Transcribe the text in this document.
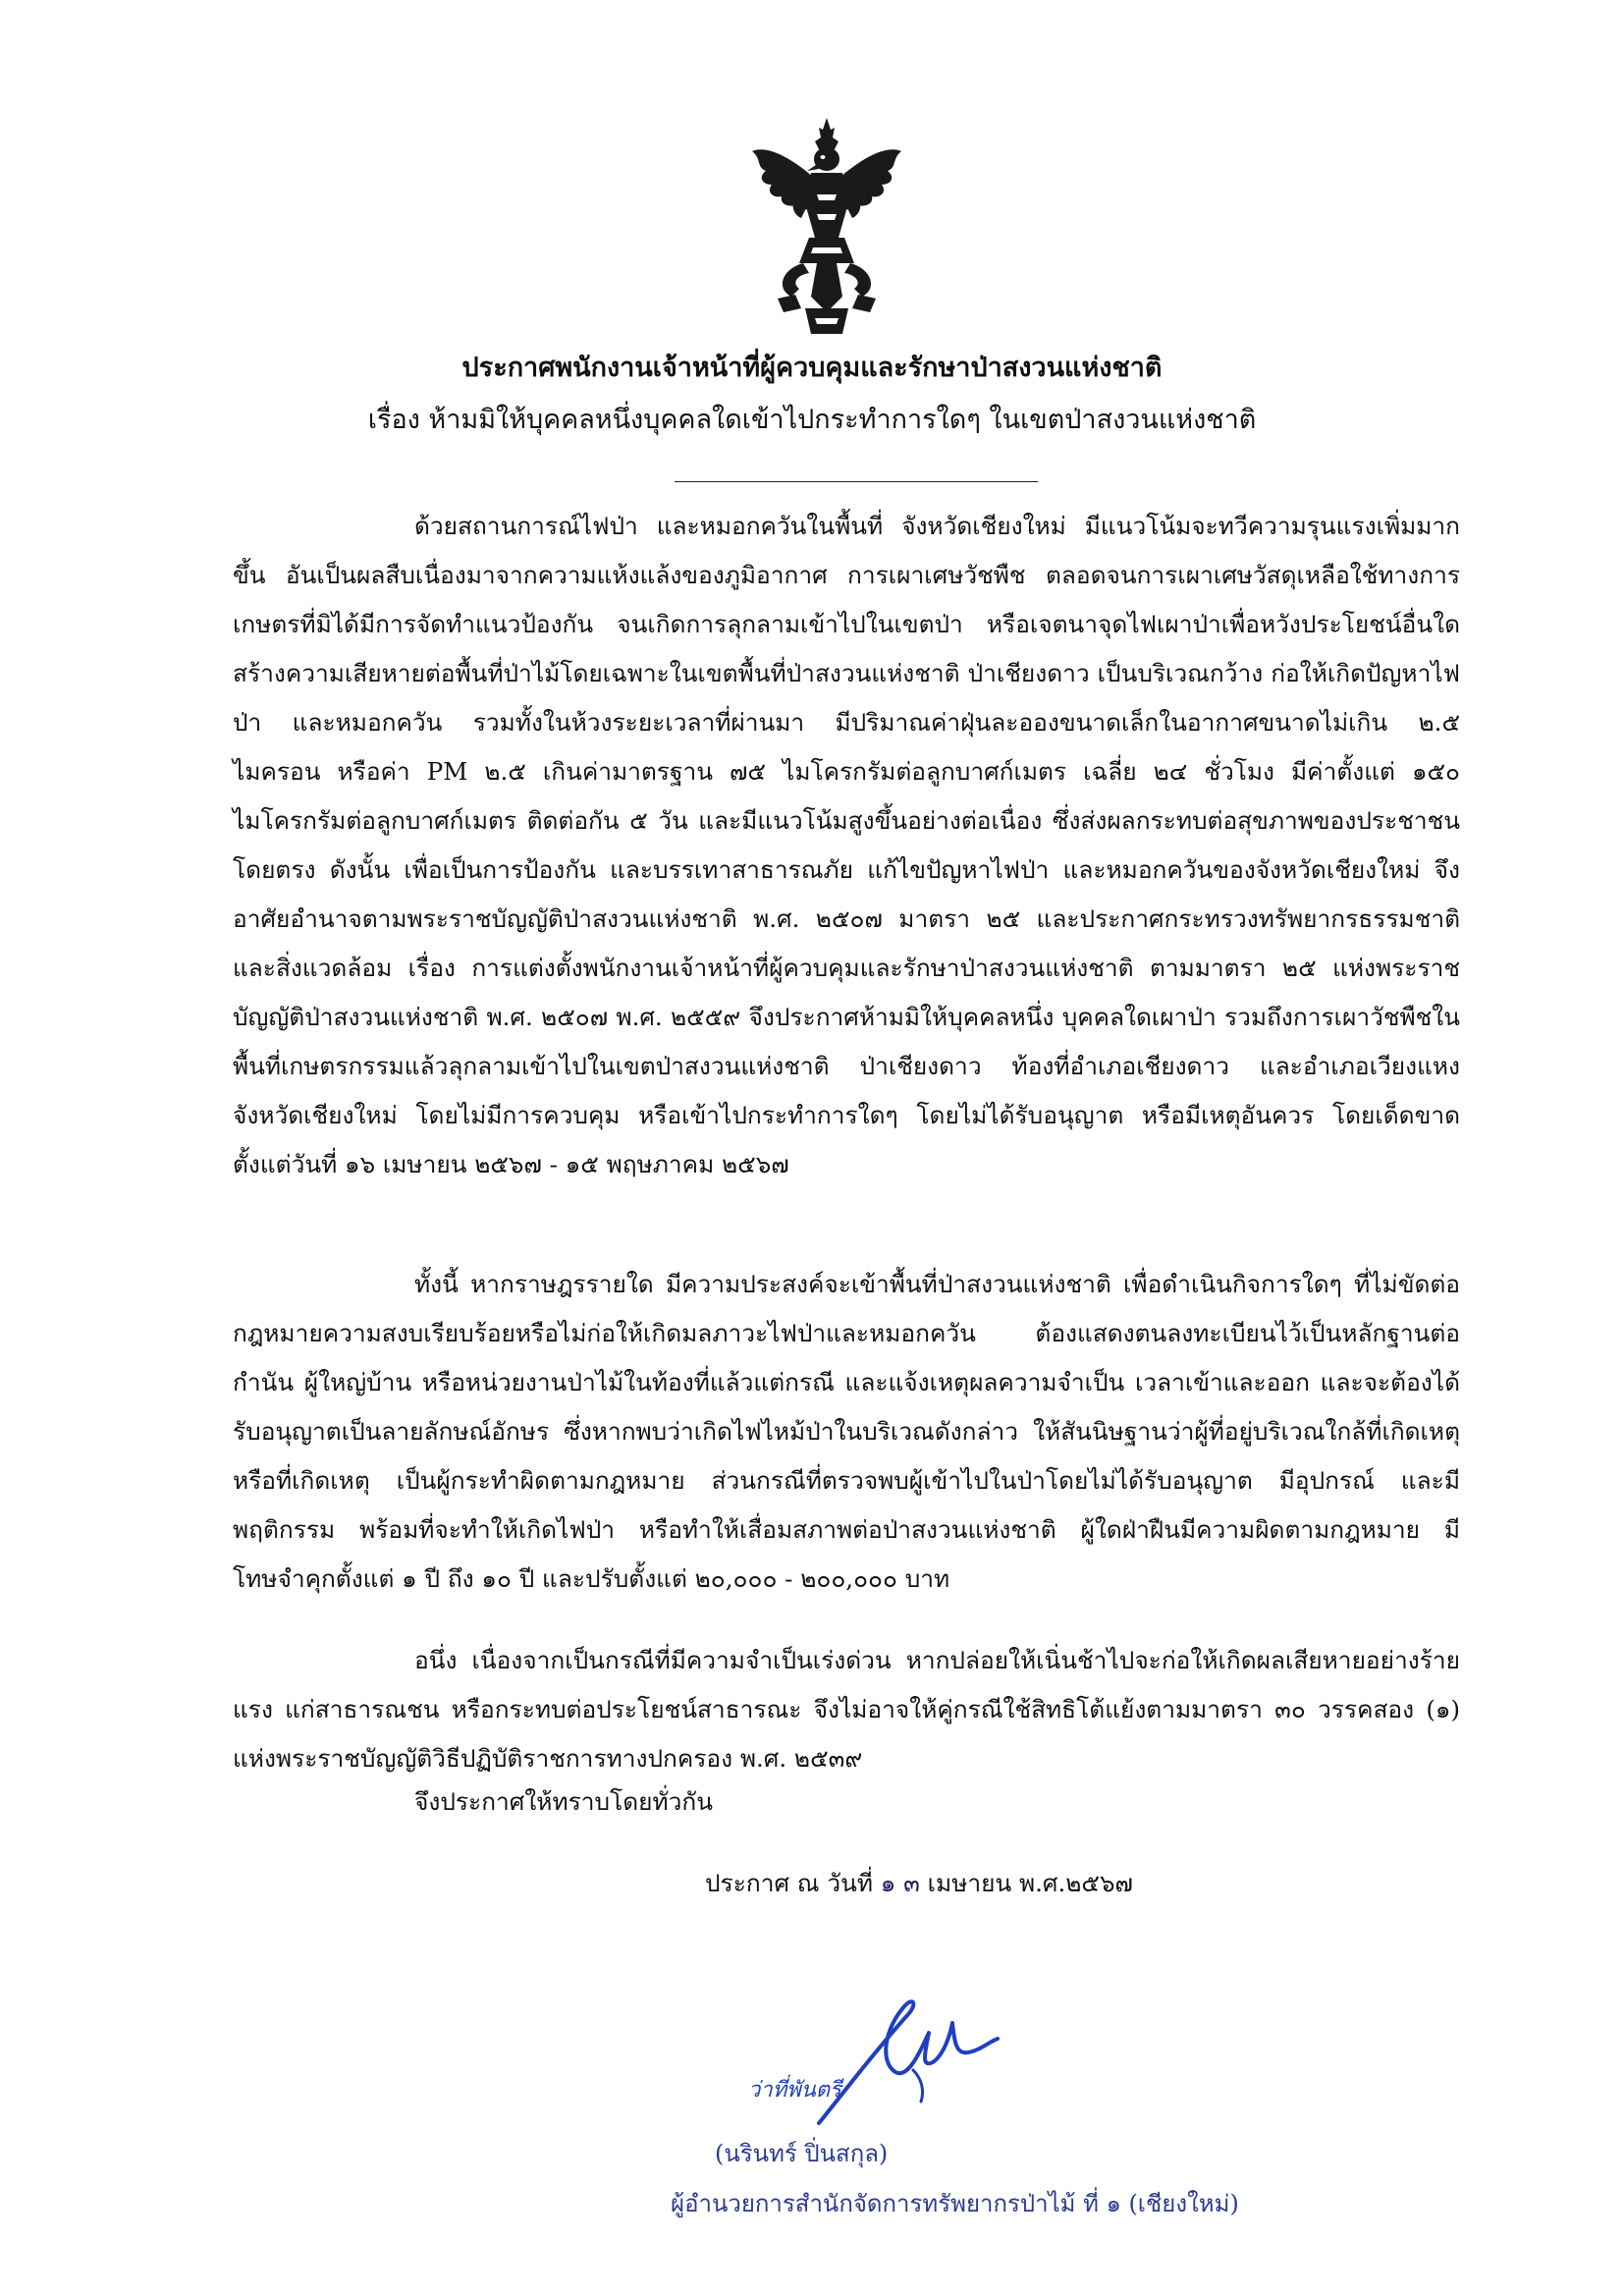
ประกาศพนักงานเจ้าหน้าที่ผู้ควบคุมและรักษาป่าสงวนแห่งชาติ
เรื่อง ห้ามมิให้บุคคลหนึ่งบุคคลใดเข้าไปกระทำการใดๆ ในเขตป่าสงวนแห่งชาติ

ด้วยสถานการณ์ไฟป่า และหมอกควันในพื้นที่ จังหวัดเชียงใหม่ มีแนวโน้มจะทวีความรุนแรงเพิ่มมากขึ้น อันเป็นผลสืบเนื่องมาจากความแห้งแล้งของภูมิอากาศ การเผาเศษวัชพืช ตลอดจนการเผาเศษวัสดุเหลือใช้ทางการเกษตรที่มิได้มีการจัดทำแนวป้องกัน จนเกิดการลุกลามเข้าไปในเขตป่า หรือเจตนาจุดไฟเผาป่าเพื่อหวังประโยชน์อื่นใด สร้างความเสียหายต่อพื้นที่ป่าไม้โดยเฉพาะในเขตพื้นที่ป่าสงวนแห่งชาติ ป่าเชียงดาว เป็นบริเวณกว้าง ก่อให้เกิดปัญหาไฟป่า และหมอกควัน รวมทั้งในห้วงระยะเวลาที่ผ่านมา มีปริมาณค่าฝุ่นละอองขนาดเล็กในอากาศขนาดไม่เกิน ๒.๕ ไมครอน หรือค่า PM ๒.๕ เกินค่ามาตรฐาน ๗๕ ไมโครกรัมต่อลูกบาศก์เมตร เฉลี่ย ๒๔ ชั่วโมง มีค่าตั้งแต่ ๑๕๐ ไมโครกรัมต่อลูกบาศก์เมตร ติดต่อกัน ๕ วัน และมีแนวโน้มสูงขึ้นอย่างต่อเนื่อง ซึ่งส่งผลกระทบต่อสุขภาพของประชาชนโดยตรง ดังนั้น เพื่อเป็นการป้องกัน และบรรเทาสาธารณภัย แก้ไขปัญหาไฟป่า และหมอกควันของจังหวัดเชียงใหม่ จึงอาศัยอำนาจตามพระราชบัญญัติป่าสงวนแห่งชาติ พ.ศ. ๒๕๐๗ มาตรา ๒๕ และประกาศกระทรวงทรัพยากรธรรมชาติและสิ่งแวดล้อม เรื่อง การแต่งตั้งพนักงานเจ้าหน้าที่ผู้ควบคุมและรักษาป่าสงวนแห่งชาติ ตามมาตรา ๒๕ แห่งพระราชบัญญัติป่าสงวนแห่งชาติ พ.ศ. ๒๕๐๗ พ.ศ. ๒๕๕๙ จึงประกาศห้ามมิให้บุคคลหนึ่ง บุคคลใดเผาป่า รวมถึงการเผาวัชพืชในพื้นที่เกษตรกรรมแล้วลุกลามเข้าไปในเขตป่าสงวนแห่งชาติ ป่าเชียงดาว ท้องที่อำเภอเชียงดาว และอำเภอเวียงแหง จังหวัดเชียงใหม่ โดยไม่มีการควบคุม หรือเข้าไปกระทำการใดๆ โดยไม่ได้รับอนุญาต หรือมีเหตุอันควร โดยเด็ดขาด ตั้งแต่วันที่ ๑๖ เมษายน ๒๕๖๗ - ๑๕ พฤษภาคม ๒๕๖๗

ทั้งนี้ หากราษฎรรายใด มีความประสงค์จะเข้าพื้นที่ป่าสงวนแห่งชาติ เพื่อดำเนินกิจการใดๆ ที่ไม่ขัดต่อกฎหมายความสงบเรียบร้อยหรือไม่ก่อให้เกิดมลภาวะไฟป่าและหมอกควัน ต้องแสดงตนลงทะเบียนไว้เป็นหลักฐานต่อกำนัน ผู้ใหญ่บ้าน หรือหน่วยงานป่าไม้ในท้องที่แล้วแต่กรณี และแจ้งเหตุผลความจำเป็น เวลาเข้าและออก และจะต้องได้รับอนุญาตเป็นลายลักษณ์อักษร ซึ่งหากพบว่าเกิดไฟไหม้ป่าในบริเวณดังกล่าว ให้สันนิษฐานว่าผู้ที่อยู่บริเวณใกล้ที่เกิดเหตุหรือที่เกิดเหตุ เป็นผู้กระทำผิดตามกฎหมาย ส่วนกรณีที่ตรวจพบผู้เข้าไปในป่าโดยไม่ได้รับอนุญาต มีอุปกรณ์ และมีพฤติกรรม พร้อมที่จะทำให้เกิดไฟป่า หรือทำให้เสื่อมสภาพต่อป่าสงวนแห่งชาติ ผู้ใดฝ่าฝืนมีความผิดตามกฎหมาย มีโทษจำคุกตั้งแต่ ๑ ปี ถึง ๑๐ ปี และปรับตั้งแต่ ๒๐,๐๐๐ - ๒๐๐,๐๐๐ บาท

อนึ่ง เนื่องจากเป็นกรณีที่มีความจำเป็นเร่งด่วน หากปล่อยให้เนิ่นช้าไปจะก่อให้เกิดผลเสียหายอย่างร้ายแรง แก่สาธารณชน หรือกระทบต่อประโยชน์สาธารณะ จึงไม่อาจให้คู่กรณีใช้สิทธิโต้แย้งตามมาตรา ๓๐ วรรคสอง (๑) แห่งพระราชบัญญัติวิธีปฏิบัติราชการทางปกครอง พ.ศ. ๒๕๓๙

จึงประกาศให้ทราบโดยทั่วกัน

ประกาศ ณ วันที่ ๑ ๓ เมษายน พ.ศ.๒๕๖๗
ว่าที่พันตรี
(นรินทร์ ปิ่นสกุล)
ผู้อำนวยการสำนักจัดการทรัพยากรป่าไม้ ที่ ๑ (เชียงใหม่)
